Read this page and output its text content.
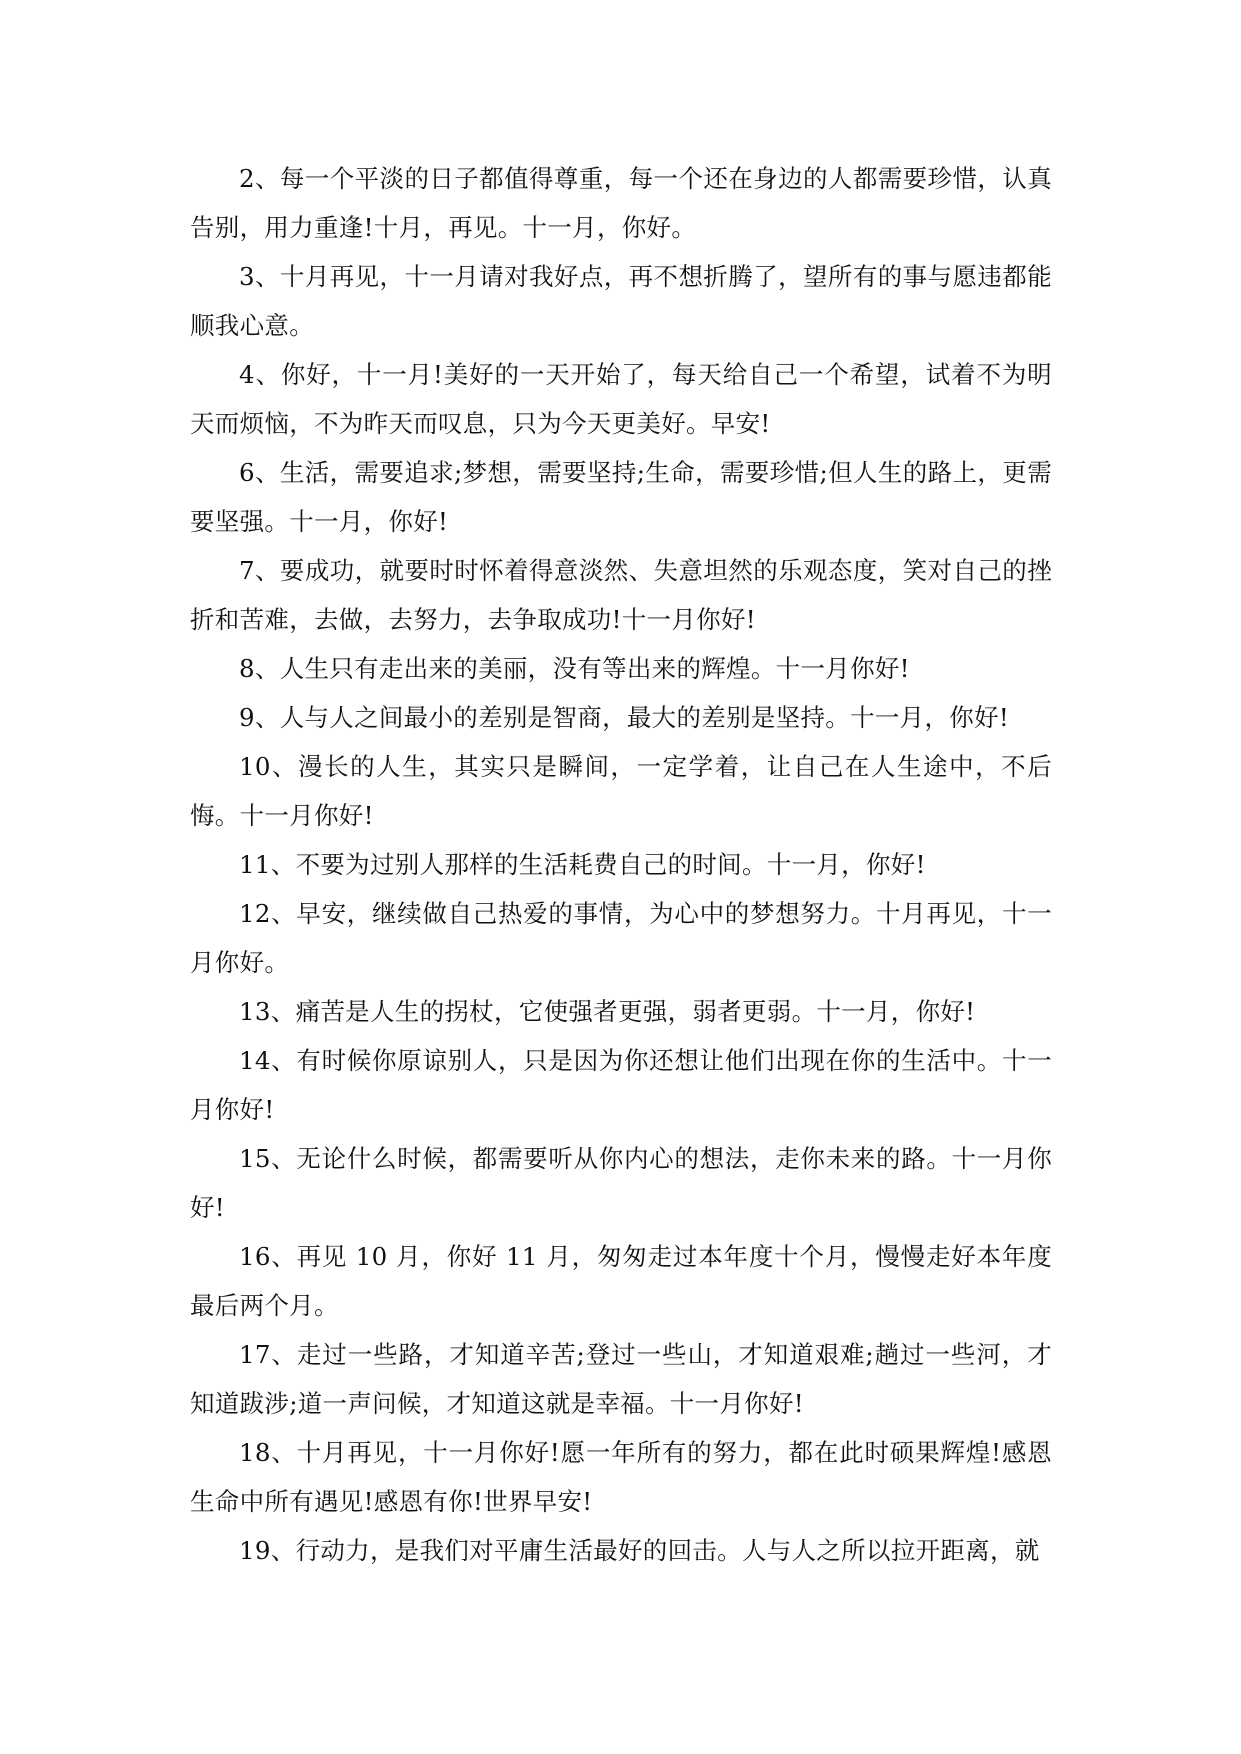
2、每一个平淡的日子都值得尊重，每一个还在身边的人都需要珍惜，认真告别，用力重逢!十月，再见。十一月，你好。

3、十月再见，十一月请对我好点，再不想折腾了，望所有的事与愿违都能顺我心意。

4、你好，十一月!美好的一天开始了，每天给自己一个希望，试着不为明天而烦恼，不为昨天而叹息，只为今天更美好。早安!

6、生活，需要追求;梦想，需要坚持;生命，需要珍惜;但人生的路上，更需要坚强。十一月，你好!

7、要成功，就要时时怀着得意淡然、失意坦然的乐观态度，笑对自己的挫折和苦难，去做，去努力，去争取成功!十一月你好!

8、人生只有走出来的美丽，没有等出来的辉煌。十一月你好!

9、人与人之间最小的差别是智商，最大的差别是坚持。十一月，你好!

10、漫长的人生，其实只是瞬间，一定学着，让自己在人生途中，不后悔。十一月你好!

11、不要为过别人那样的生活耗费自己的时间。十一月，你好!

12、早安，继续做自己热爱的事情，为心中的梦想努力。十月再见，十一月你好。

13、痛苦是人生的拐杖，它使强者更强，弱者更弱。十一月，你好!

14、有时候你原谅别人，只是因为你还想让他们出现在你的生活中。十一月你好!

15、无论什么时候，都需要听从你内心的想法，走你未来的路。十一月你好!

16、再见 10 月，你好 11 月，匆匆走过本年度十个月，慢慢走好本年度最后两个月。

17、走过一些路，才知道辛苦;登过一些山，才知道艰难;趟过一些河，才知道跋涉;道一声问候，才知道这就是幸福。十一月你好!

18、十月再见，十一月你好!愿一年所有的努力，都在此时硕果辉煌!感恩生命中所有遇见!感恩有你!世界早安!

19、行动力，是我们对平庸生活最好的回击。人与人之所以拉开距离，就
